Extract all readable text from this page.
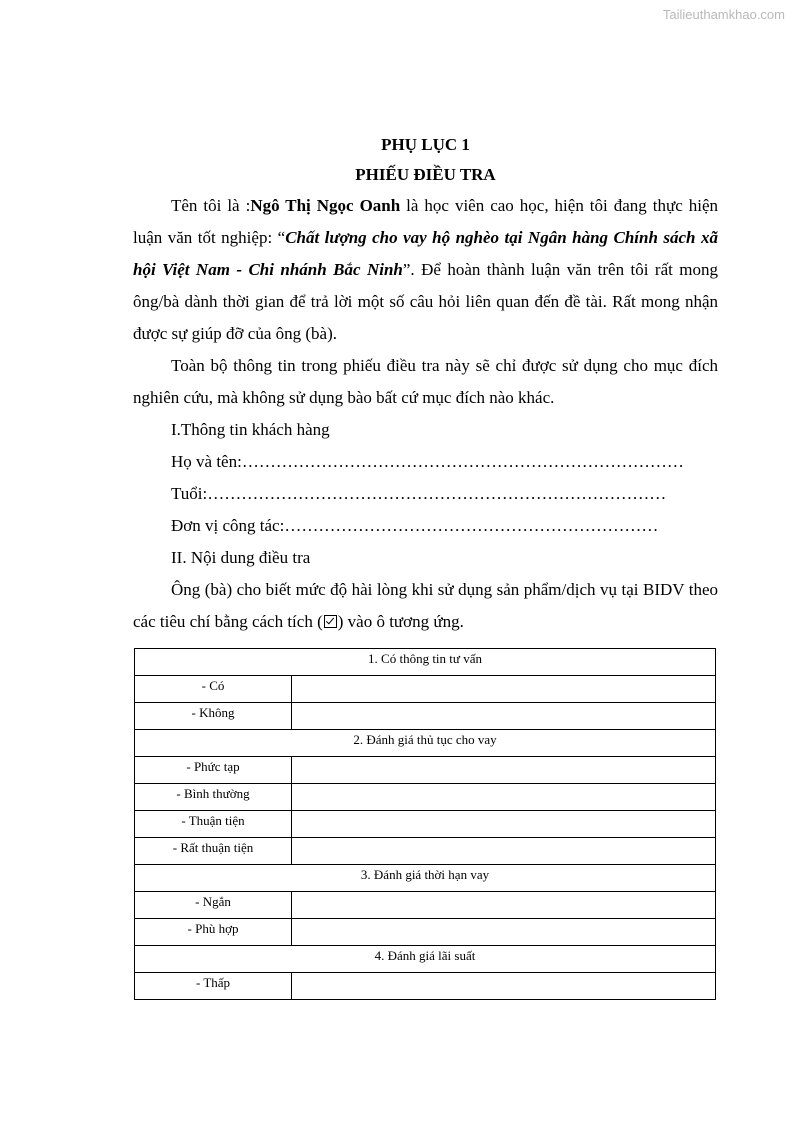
Tailieuthamkhao.com
PHỤ LỤC 1
PHIẾU ĐIỀU TRA

Tên tôi là :Ngô Thị Ngọc Oanh là học viên cao học, hiện tôi đang thực hiện luận văn tốt nghiệp: “Chất lượng cho vay hộ nghèo tại Ngân hàng Chính sách xã hội Việt Nam - Chi nhánh Bắc Ninh”. Để hoàn thành luận văn trên tôi rất mong ông/bà dành thời gian để trả lời một số câu hỏi liên quan đến đề tài. Rất mong nhận được sự giúp đỡ của ông (bà).

Toàn bộ thông tin trong phiếu điều tra này sẽ chỉ được sử dụng cho mục đích nghiên cứu, mà không sử dụng bào bất cứ mục đích nào khác.

I.Thông tin khách hàng

Họ và tên:……………………………………………………………………

Tuổi:………………………………………………………………………

Đơn vị công tác:…………………………………………………………

II. Nội dung điều tra

Ông (bà) cho biết mức độ hài lòng khi sử dụng sản phẩm/dịch vụ tại BIDV theo các tiêu chí bằng cách tích ( ) vào ô tương ứng.

1. Có thông tin tư vấn	
- Có	
- Không	
2. Đánh giá thủ tục cho vay	
- Phức tạp	
- Bình thường	
- Thuận tiện	
- Rất thuận tiện	
3. Đánh giá thời hạn vay	
- Ngắn	
- Phù hợp	
4. Đánh giá lãi suất	
- Thấp	
